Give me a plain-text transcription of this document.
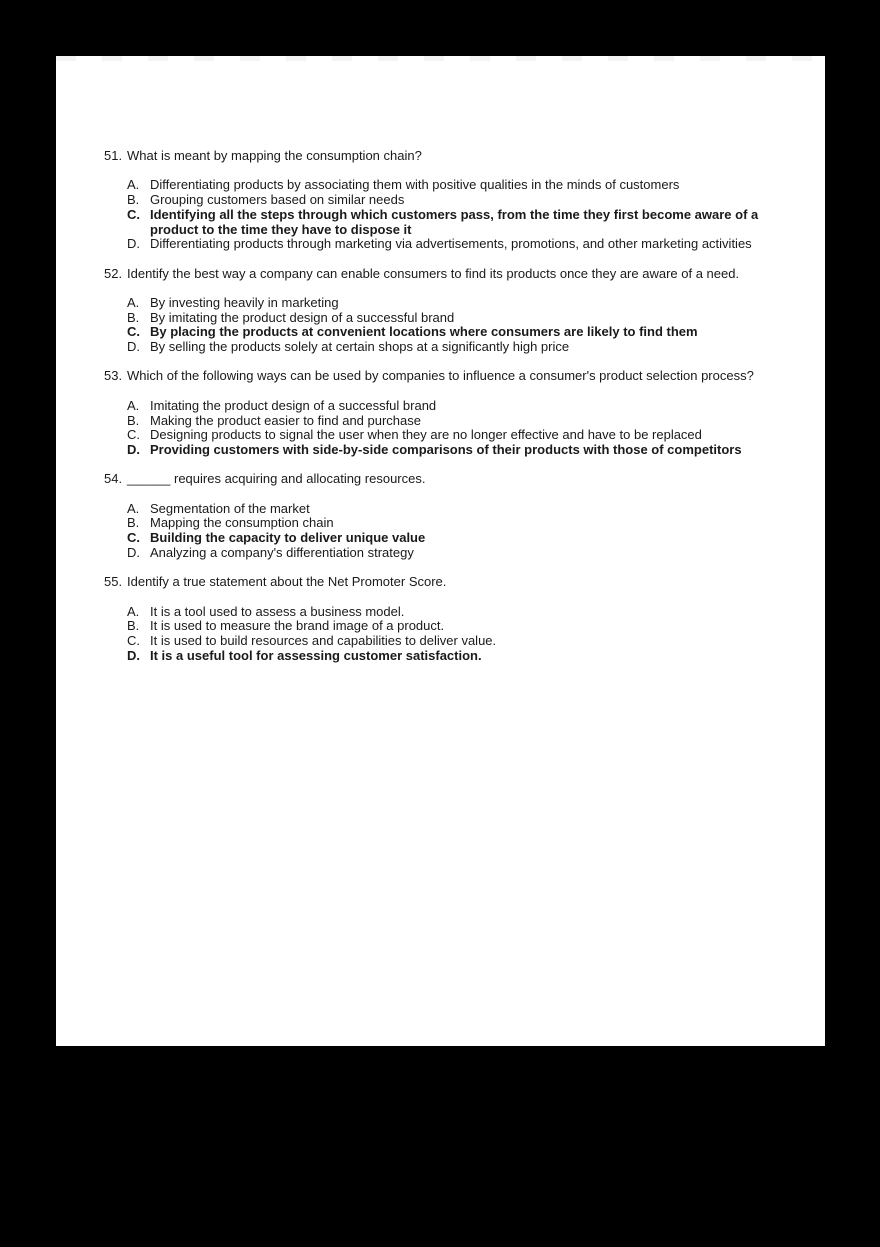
51. What is meant by mapping the consumption chain?
A. Differentiating products by associating them with positive qualities in the minds of customers
B. Grouping customers based on similar needs
C. Identifying all the steps through which customers pass, from the time they first become aware of a product to the time they have to dispose it
D. Differentiating products through marketing via advertisements, promotions, and other marketing activities
52. Identify the best way a company can enable consumers to find its products once they are aware of a need.
A. By investing heavily in marketing
B. By imitating the product design of a successful brand
C. By placing the products at convenient locations where consumers are likely to find them
D. By selling the products solely at certain shops at a significantly high price
53. Which of the following ways can be used by companies to influence a consumer's product selection process?
A. Imitating the product design of a successful brand
B. Making the product easier to find and purchase
C. Designing products to signal the user when they are no longer effective and have to be replaced
D. Providing customers with side-by-side comparisons of their products with those of competitors
54. ______ requires acquiring and allocating resources.
A. Segmentation of the market
B. Mapping the consumption chain
C. Building the capacity to deliver unique value
D. Analyzing a company's differentiation strategy
55. Identify a true statement about the Net Promoter Score.
A. It is a tool used to assess a business model.
B. It is used to measure the brand image of a product.
C. It is used to build resources and capabilities to deliver value.
D. It is a useful tool for assessing customer satisfaction.
